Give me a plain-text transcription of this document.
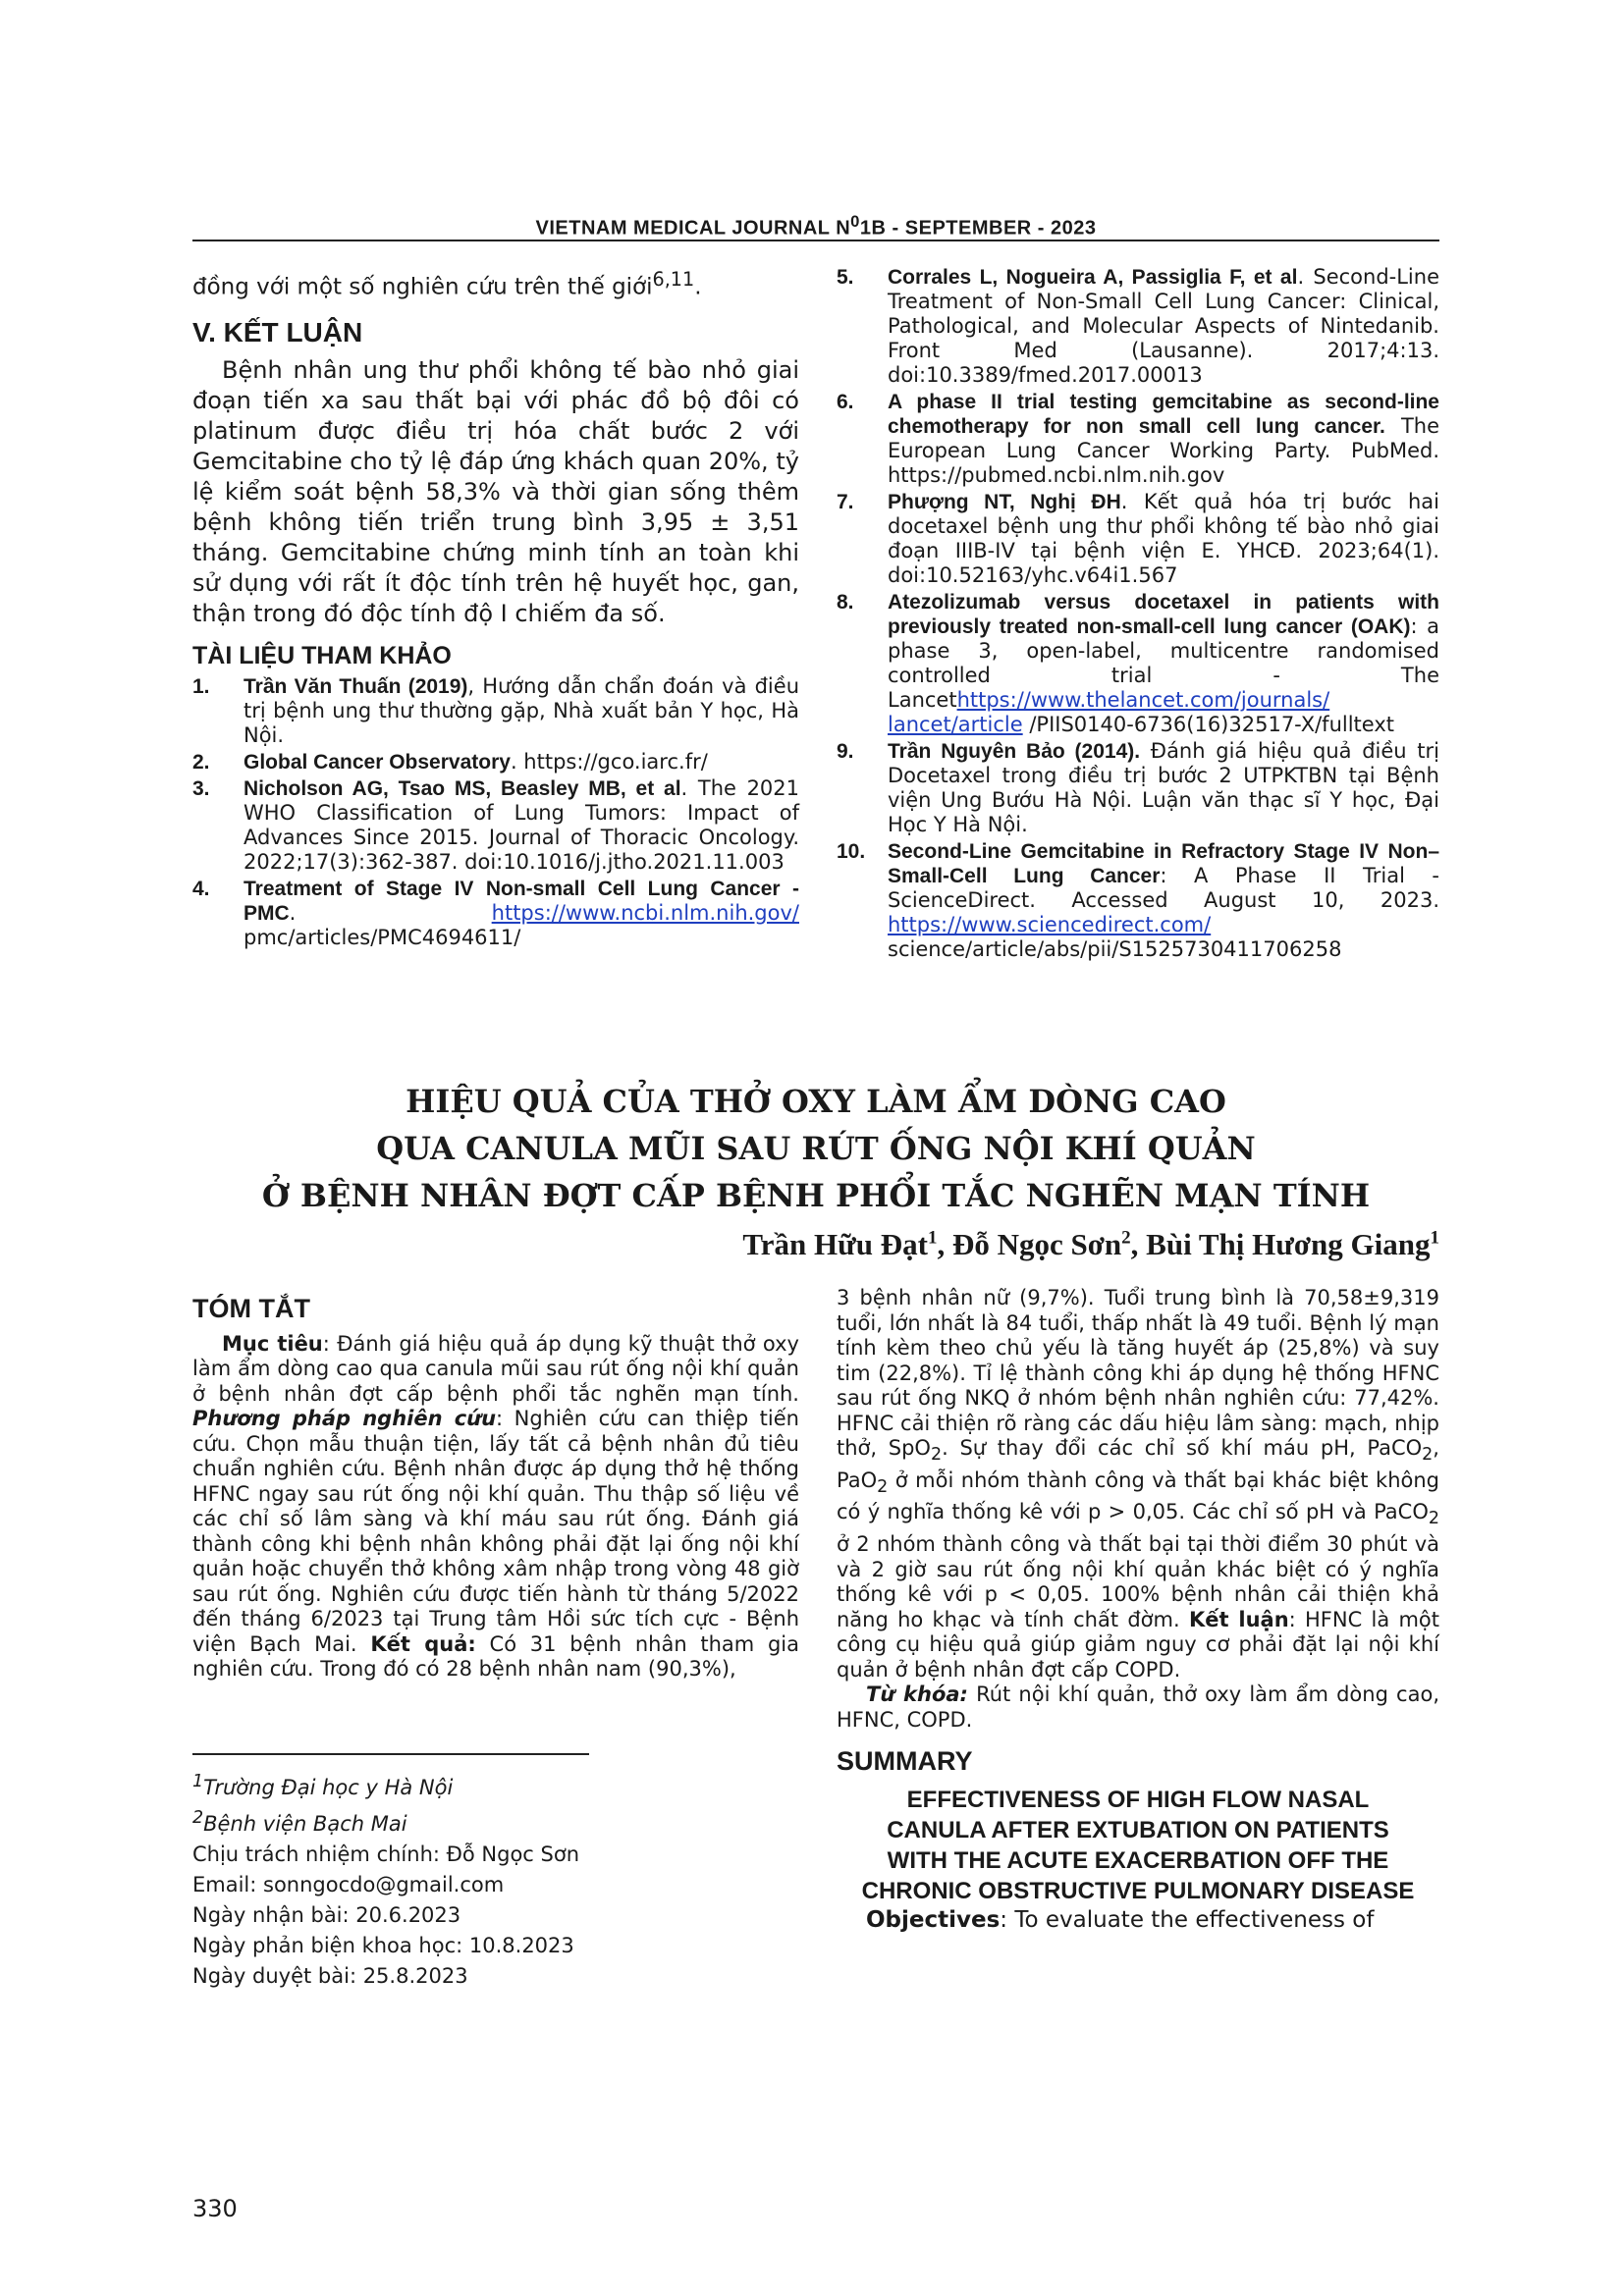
VIETNAM MEDICAL JOURNAL $N^01B$ - SEPTEMBER - 2023
đồng với một số nghiên cứu trên thế giới$^{6,11}$.
V. KẾT LUẬN

Bệnh nhân ung thư phổi không tế bào nhỏ giai đoạn tiến xa sau thất bại với phác đồ bộ đôi có platinum được điều trị hóa chất bước 2 với Gemcitabine cho tỷ lệ đáp ứng khách quan 20%, tỷ lệ kiểm soát bệnh 58,3% và thời gian sống thêm bệnh không tiến triển trung bình 3,95 ± 3,51 tháng. Gemcitabine chứng minh tính an toàn khi sử dụng với rất ít độc tính trên hệ huyết học, gan, thận trong đó độc tính độ I chiếm đa số.

TÀI LIỆU THAM KHẢO
1.	Trần Văn Thuấn (2019), Hướng dẫn chẩn đoán và điều trị bệnh ung thư thường gặp, Nhà xuất bản Y học, Hà Nội.
2.	Global Cancer Observatory. https://gco.iarc.fr/
3.	Nicholson AG, Tsao MS, Beasley MB, et al. The 2021 WHO Classification of Lung Tumors: Impact of Advances Since 2015. Journal of Thoracic Oncology. 2022;17(3):362-387. doi:10.1016/j.jtho.2021.11.003
4.	Treatment of Stage IV Non-small Cell Lung Cancer - PMC. https://www.ncbi.nlm.nih.gov/ pmc/articles/PMC4694611/
5.	Corrales L, Nogueira A, Passiglia F, et al. Second-Line Treatment of Non-Small Cell Lung Cancer: Clinical, Pathological, and Molecular Aspects of Nintedanib. Front Med (Lausanne). 2017;4:13. doi:10.3389/fmed.2017.00013
6.	A phase II trial testing gemcitabine as second-line chemotherapy for non small cell lung cancer. The European Lung Cancer Working Party. PubMed. https://pubmed.ncbi.nlm.nih.gov
7.	Phượng NT, Nghị ĐH. Kết quả hóa trị bước hai docetaxel bệnh ung thư phổi không tế bào nhỏ giai đoạn IIIB-IV tại bệnh viện E. YHCĐ. 2023;64(1). doi:10.52163/yhc.v64i1.567
8.	Atezolizumab versus docetaxel in patients with previously treated non-small-cell lung cancer (OAK): a phase 3, open-label, multicentre randomised controlled trial - The Lancethttps://www.thelancet.com/journals/ lancet/article /PIIS0140-6736(16)32517-X/fulltext
9.	Trần Nguyên Bảo (2014). Đánh giá hiệu quả điều trị Docetaxel trong điều trị bước 2 UTPKTBN tại Bệnh viện Ung Bướu Hà Nội. Luận văn thạc sĩ Y học, Đại Học Y Hà Nội.
10.	Second-Line Gemcitabine in Refractory Stage IV Non–Small-Cell Lung Cancer: A Phase II Trial - ScienceDirect. Accessed August 10, 2023. https://www.sciencedirect.com/ science/article/abs/pii/S1525730411706258
HIỆU QUẢ CỦA THỞ OXY LÀM ẨM DÒNG CAO
QUA CANULA MŨI SAU RÚT ỐNG NỘI KHÍ QUẢN
Ở BỆNH NHÂN ĐỢT CẤP BỆNH PHỔI TẮC NGHẼN MẠN TÍNH
Trần Hữu Đạt$^1$, Đỗ Ngọc Sơn$^2$, Bùi Thị Hương Giang$^1$
TÓM TẮT

Mục tiêu: Đánh giá hiệu quả áp dụng kỹ thuật thở oxy làm ẩm dòng cao qua canula mũi sau rút ống nội khí quản ở bệnh nhân đợt cấp bệnh phổi tắc nghẽn mạn tính. Phương pháp nghiên cứu: Nghiên cứu can thiệp tiến cứu. Chọn mẫu thuận tiện, lấy tất cả bệnh nhân đủ tiêu chuẩn nghiên cứu. Bệnh nhân được áp dụng thở hệ thống HFNC ngay sau rút ống nội khí quản. Thu thập số liệu về các chỉ số lâm sàng và khí máu sau rút ống. Đánh giá thành công khi bệnh nhân không phải đặt lại ống nội khí quản hoặc chuyển thở không xâm nhập trong vòng 48 giờ sau rút ống. Nghiên cứu được tiến hành từ tháng 5/2022 đến tháng 6/2023 tại Trung tâm Hồi sức tích cực - Bệnh viện Bạch Mai. Kết quả: Có 31 bệnh nhân tham gia nghiên cứu. Trong đó có 28 bệnh nhân nam (90,3%),

$^1$Trường Đại học y Hà Nội
$^2$Bệnh viện Bạch Mai
Chịu trách nhiệm chính: Đỗ Ngọc Sơn
Email: sonngocdo@gmail.com
Ngày nhận bài: 20.6.2023
Ngày phản biện khoa học: 10.8.2023
Ngày duyệt bài: 25.8.2023

3 bệnh nhân nữ (9,7%). Tuổi trung bình là 70,58±9,319 tuổi, lớn nhất là 84 tuổi, thấp nhất là 49 tuổi. Bệnh lý mạn tính kèm theo chủ yếu là tăng huyết áp (25,8%) và suy tim (22,8%). Tỉ lệ thành công khi áp dụng hệ thống HFNC sau rút ống NKQ ở nhóm bệnh nhân nghiên cứu: 77,42%. HFNC cải thiện rõ ràng các dấu hiệu lâm sàng: mạch, nhịp thở, SpO$_2$. Sự thay đổi các chỉ số khí máu pH, PaCO$_2$, PaO$_2$ ở mỗi nhóm thành công và thất bại khác biệt không có ý nghĩa thống kê với p > 0,05. Các chỉ số pH và PaCO$_2$ ở 2 nhóm thành công và thất bại tại thời điểm 30 phút và và 2 giờ sau rút ống nội khí quản khác biệt có ý nghĩa thống kê với p < 0,05. 100% bệnh nhân cải thiện khả năng ho khạc và tính chất đờm. Kết luận: HFNC là một công cụ hiệu quả giúp giảm nguy cơ phải đặt lại nội khí quản ở bệnh nhân đợt cấp COPD.

Từ khóa: Rút nội khí quản, thở oxy làm ẩm dòng cao, HFNC, COPD.

SUMMARY
EFFECTIVENESS OF HIGH FLOW NASAL
CANULA AFTER EXTUBATION ON PATIENTS
WITH THE ACUTE EXACERBATION OFF THE
CHRONIC OBSTRUCTIVE PULMONARY DISEASE

Objectives: To evaluate the effectiveness of

330
